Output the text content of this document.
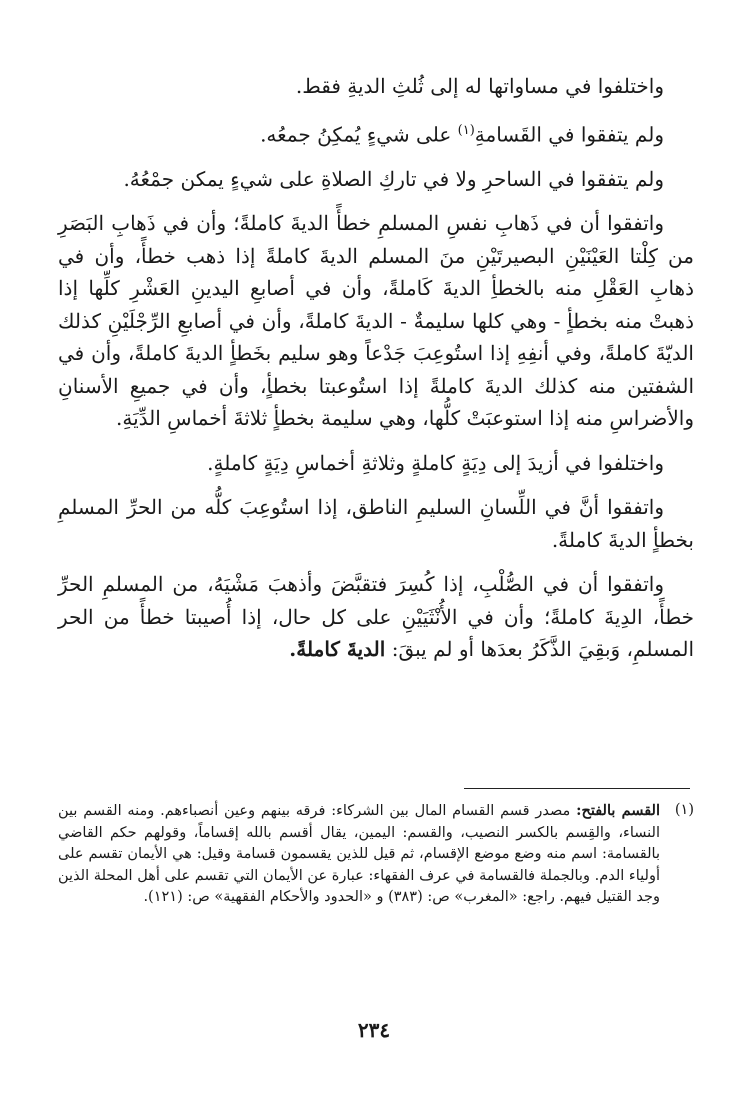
واختلفوا في مساواتها له إلى ثُلثِ الديةِ فقط.

ولم يتفقوا في القَسامةِ$^{(١)}$ على شيءٍ يُمكِنُ جمعُه.

ولم يتفقوا في الساحرِ ولا في تاركِ الصلاةِ على شيءٍ يمكن جمْعُهُ.

واتفقوا أن في ذَهابِ نفسِ المسلمِ خطأً الديةَ كاملةً؛ وأن في ذَهابِ البَصَرِ من كِلْتا العَيْنَيْنِ البصيرتَيْنِ منَ المسلم الديةَ كاملةً إذا ذهب خطأً، وأن في ذهابِ العَقْلِ منه بالخطأِ الديةَ كَاملةً، وأن في أصابعِ اليدينِ العَشْرِ كلِّها إذا ذهبتْ منه بخطأٍ - وهي كلها سليمةٌ - الديةَ كاملةً، وأن في أصابعِ الرِّجْلَيْنِ كذلك الديّةَ كاملةً، وفي أنفِهِ إذا استُوعِبَ جَدْعاً وهو سليم بخَطأٍ الديةَ كاملةً، وأن في الشفتين منه كذلك الديةَ كاملةً إذا استُوعبتا بخطأٍ، وأن في جميعِ الأسنانِ والأضراسِ منه إذا استوعبَتْ كلُّها، وهي سليمة بخطأٍ ثلاثةَ أخماسِ الدِّيَةِ.

واختلفوا في أزيدَ إلى دِيَةٍ كاملةٍ وثلاثةِ أخماسِ دِيَةٍ كاملةٍ.

واتفقوا أنَّ في اللِّسانِ السليمِ الناطق، إذا استُوعِبَ كلُّه من الحرِّ المسلمِ بخطأٍ الديةَ كاملةً.

واتفقوا أن في الصُّلْبِ، إذا كُسِرَ فتقبَّضَ وأذهبَ مَشْيَهُ، من المسلمِ الحرِّ خطأً، الدِيةَ كاملةً؛ وأن في الأُنْثَيَيْنِ على كل حال، إذا أُصيبتا خطأً من الحر المسلمِ، وَبقِيَ الذَّكَرُ بعدَها أو لم يبقَ: الديةَ كاملةً.

(١)
القسم بالفتح: مصدر قسم القسام المال بين الشركاء: فرقه بينهم وعين أنصباءهم. ومنه القسم بين النساء، والقِسم بالكسر النصيب، والقسم: اليمين، يقال أقسم بالله إقساماً، وقولهم حكم القاضي بالقسامة: اسم منه وضع موضع الإقسام، ثم قيل للذين يقسمون قسامة وقيل: هي الأيمان تقسم على أولياء الدم. وبالجملة فالقسامة في عرف الفقهاء: عبارة عن الأيمان التي تقسم على أهل المحلة الذين وجد القتيل فيهم. راجع: «المغرب» ص: (٣٨٣) و «الحدود والأحكام الفقهية» ص: (١٢١).
٢٣٤
